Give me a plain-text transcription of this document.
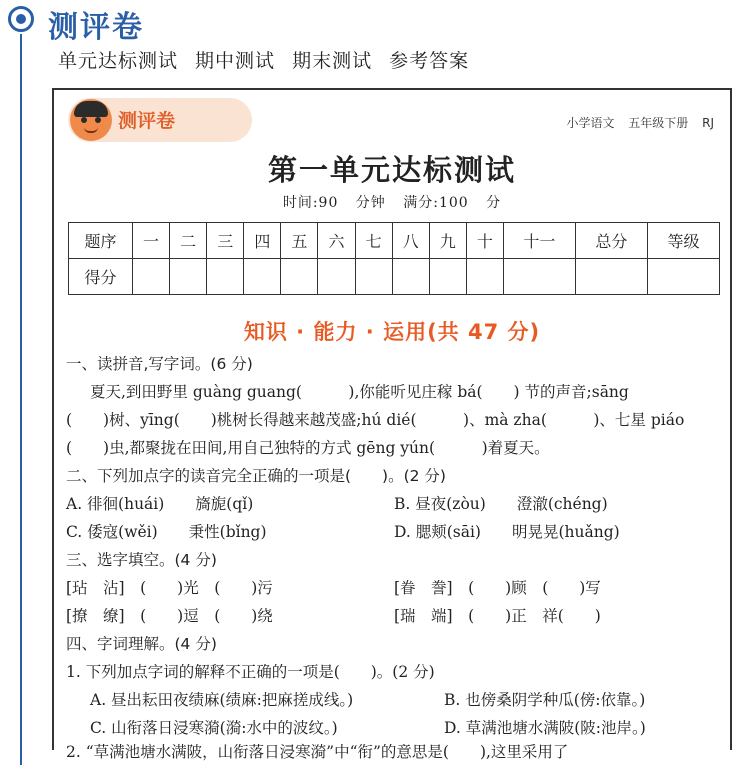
测评卷
单元达标测试 期中测试 期末测试 参考答案
测评卷	小学语文 五年级下册 RJ
第一单元达标测试
时间:90 分钟 满分:100 分
题序	一	二	三	四	五	六	七	八	九	十	十一	总分	等级
得分													
知识 · 能力 · 运用(共 47 分)
一、读拼音,写字词。(6 分)
夏天,到田野里 guàng guang(　　　),你能听见庄稼 bá(　　) 节的声音;sāng
(　　)树、yīng(　　)桃树长得越来越茂盛;hú dié(　　　)、mà zha(　　　)、七星 piáo
(　　)虫,都聚拢在田间,用自己独特的方式 gēng yún(　　　)着夏天。
二、下列加点字的读音完全正确的一项是(　　)。(2 分)
A. 徘徊(huái)　　旖旎(qǐ)	B. 昼夜(zòu)　　澄澈(chéng)
C. 倭寇(wěi)　　秉性(bǐng)	D. 腮颊(sāi)　　明晃晃(huǎng)
三、选字填空。(4 分)
[玷　沾]　(　　)光　(　　)污	[眷　誊]　(　　)顾　(　　)写
[撩　缭]　(　　)逗　(　　)绕	[瑞　端]　(　　)正　祥(　　)
四、字词理解。(4 分)
1. 下列加点字词的解释不正确的一项是(　　)。(2 分)
A. 昼出耘田夜绩麻(绩麻:把麻搓成线。)	B. 也傍桑阴学种瓜(傍:依靠。)
C. 山衔落日浸寒漪(漪:水中的波纹。)	D. 草满池塘水满陂(陂:池岸。)
2. “草满池塘水满陂，山衔落日浸寒漪”中“衔”的意思是(　　),这里采用了
